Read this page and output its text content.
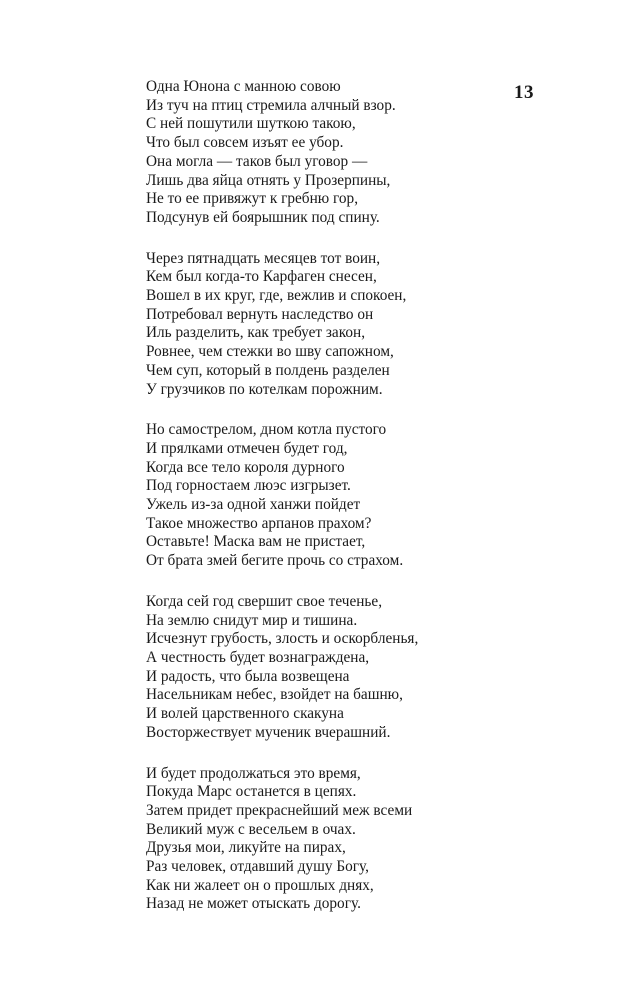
13
Одна Юнона с манною совою
Из туч на птиц стремила алчный взор.
С ней пошутили шуткою такою,
Что был совсем изъят ее убор.
Она могла — таков был уговор —
Лишь два яйца отнять у Прозерпины,
Не то ее привяжут к гребню гор,
Подсунув ей боярышник под спину.
Через пятнадцать месяцев тот воин,
Кем был когда-то Карфаген снесен,
Вошел в их круг, где, вежлив и спокоен,
Потребовал вернуть наследство он
Иль разделить, как требует закон,
Ровнее, чем стежки во шву сапожном,
Чем суп, который в полдень разделен
У грузчиков по котелкам порожним.
Но самострелом, дном котла пустого
И прялками отмечен будет год,
Когда все тело короля дурного
Под горностаем люэс изгрызет.
Ужель из-за одной ханжи пойдет
Такое множество арпанов прахом?
Оставьте! Маска вам не пристает,
От брата змей бегите прочь со страхом.
Когда сей год свершит свое теченье,
На землю снидут мир и тишина.
Исчезнут грубость, злость и оскорбленья,
А честность будет вознаграждена,
И радость, что была возвещена
Насельникам небес, взойдет на башню,
И волей царственного скакуна
Восторжествует мученик вчерашний.
И будет продолжаться это время,
Покуда Марс останется в цепях.
Затем придет прекраснейший меж всеми
Великий муж с весельем в очах.
Друзья мои, ликуйте на пирах,
Раз человек, отдавший душу Богу,
Как ни жалеет он о прошлых днях,
Назад не может отыскать дорогу.
